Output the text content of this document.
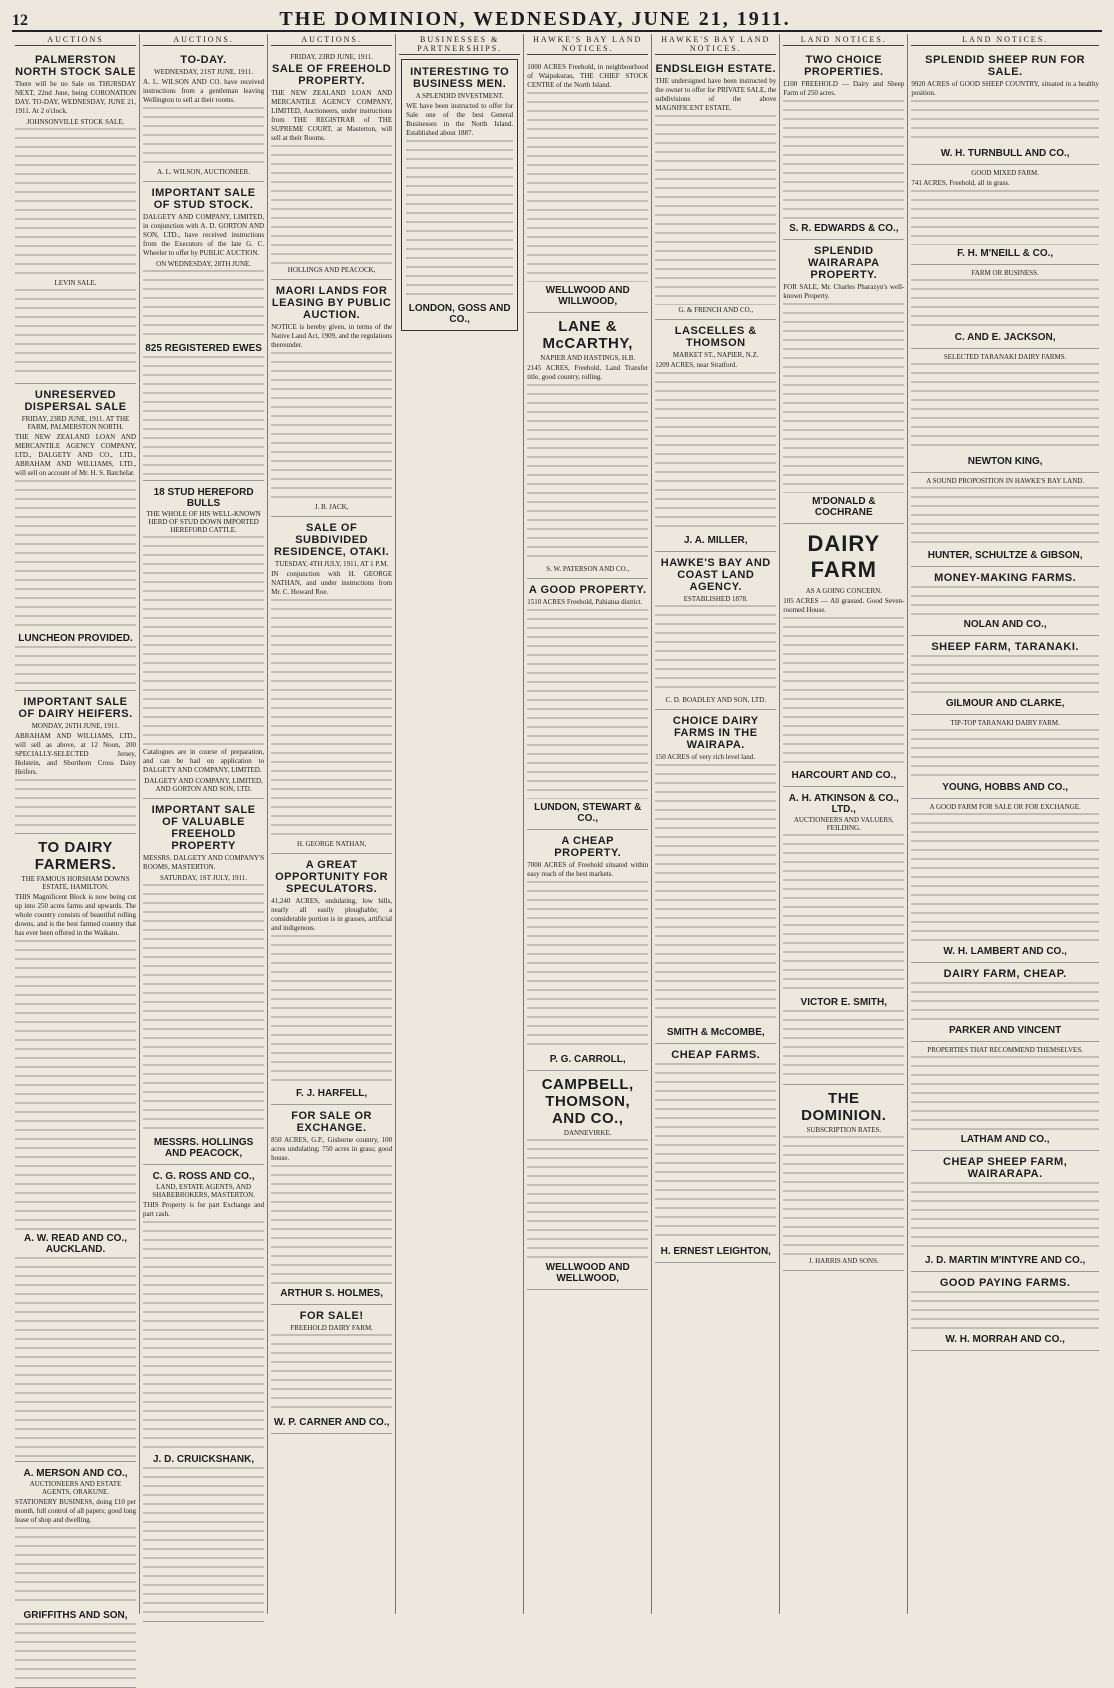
12	THE DOMINION, WEDNESDAY, JUNE 21, 1911.
AUCTIONS
PALMERSTON NORTH STOCK SALE

There will be no Sale on THURSDAY NEXT, 22nd June, being CORONATION DAY. TO-DAY, WEDNESDAY, JUNE 21, 1911. At 2 o'clock.

JOHNSONVILLE STOCK SALE.
LEVIN SALE.
UNRESERVED DISPERSAL SALE
FRIDAY, 23RD JUNE, 1911. AT THE FARM, PALMERSTON NORTH.

THE NEW ZEALAND LOAN AND MERCANTILE AGENCY COMPANY, LTD., DALGETY AND CO., LTD., ABRAHAM AND WILLIAMS, LTD., will sell on account of Mr. H. S. Batchelar.

LUNCHEON PROVIDED.
IMPORTANT SALE OF DAIRY HEIFERS.
MONDAY, 26TH JUNE, 1911.

ABRAHAM AND WILLIAMS, LTD., will sell as above, at 12 Noon, 200 SPECIALLY-SELECTED Jersey, Holstein, and Shorthorn Cross Dairy Heifers.

TO DAIRY FARMERS.
THE FAMOUS HORSHAM DOWNS ESTATE, HAMILTON.

THIS Magnificent Block is now being cut up into 250 acres farms and upwards. The whole country consists of beautiful rolling downs, and is the best farmed country that has ever been offered in the Waikato.

A. W. READ AND CO., AUCKLAND.
A. MERSON AND CO.,
AUCTIONEERS AND ESTATE AGENTS, ORAKUNE.

STATIONERY BUSINESS, doing £10 per month, full control of all papers; good long lease of shop and dwelling.

GRIFFITHS AND SON,
AUCTIONS.
TO-DAY.
WEDNESDAY, 21ST JUNE, 1911.

A. L. WILSON AND CO. have received instructions from a gentleman leaving Wellington to sell at their rooms.

A. L. WILSON, AUCTIONEER.
IMPORTANT SALE OF STUD STOCK.

DALGETY AND COMPANY, LIMITED, in conjunction with A. D. GORTON AND SON, LTD., have received instructions from the Executors of the late G. C. Wheeler to offer by PUBLIC AUCTION.

ON WEDNESDAY, 28TH JUNE.
825 REGISTERED EWES
18 STUD HEREFORD BULLS
THE WHOLE OF HIS WELL-KNOWN HERD OF STUD DOWN IMPORTED HEREFORD CATTLE.

Catalogues are in course of preparation, and can be had on application to DALGETY AND COMPANY, LIMITED.

DALGETY AND COMPANY, LIMITED, AND GORTON AND SON, LTD.
IMPORTANT SALE OF VALUABLE FREEHOLD PROPERTY

MESSRS. DALGETY AND COMPANY'S ROOMS, MASTERTON.

SATURDAY, 1ST JULY, 1911.
MESSRS. HOLLINGS AND PEACOCK,
C. G. ROSS AND CO.,
LAND, ESTATE AGENTS, AND SHAREBROKERS, MASTERTON.

THIS Property is for part Exchange and part cash.

J. D. CRUICKSHANK,
AUCTIONS.
FRIDAY, 23RD JUNE, 1911.
SALE OF FREEHOLD PROPERTY.

THE NEW ZEALAND LOAN AND MERCANTILE AGENCY COMPANY, LIMITED, Auctioneers, under instructions from THE REGISTRAR of THE SUPREME COURT, at Masterton, will sell at their Rooms.

HOLLINGS AND PEACOCK,
MAORI LANDS FOR LEASING BY PUBLIC AUCTION.

NOTICE is hereby given, in terms of the Native Land Act, 1909, and the regulations thereunder.

J. B. JACK,
SALE OF SUBDIVIDED RESIDENCE, OTAKI.
TUESDAY, 4TH JULY, 1911, AT 1 P.M.

IN conjunction with H. GEORGE NATHAN, and under instructions from Mr. C. Howard Roe.

H. GEORGE NATHAN,
A GREAT OPPORTUNITY FOR SPECULATORS.

41,240 ACRES, undulating, low hills, nearly all easily ploughable; a considerable portion is in grasses, artificial and indigenous.

F. J. HARFELL,
FOR SALE OR EXCHANGE.

850 ACRES, G.P., Gisborne country, 100 acres undulating; 750 acres in grass; good house.

ARTHUR S. HOLMES,
FOR SALE!
FREEHOLD DAIRY FARM.
W. P. CARNER AND CO.,
BUSINESSES & PARTNERSHIPS.
INTERESTING TO BUSINESS MEN.
A SPLENDID INVESTMENT.

WE have been instructed to offer for Sale one of the best General Businesses in the North Island. Established about 1887.

LONDON, GOSS AND CO.,
HAWKE'S BAY LAND NOTICES.

1000 ACRES Freehold, in neighbourhood of Waipukurau, THE CHIEF STOCK CENTRE of the North Island.

WELLWOOD AND WILLWOOD,
LANE & McCARTHY,
NAPIER AND HASTINGS, H.B.

2145 ACRES, Freehold, Land Transfer title, good country, rolling.

S. W. PATERSON AND CO.,
A GOOD PROPERTY.

1510 ACRES Freehold, Pahiatua district.

LUNDON, STEWART & CO.,
A CHEAP PROPERTY.

7000 ACRES of Freehold situated within easy reach of the best markets.

P. G. CARROLL,
CAMPBELL, THOMSON, AND CO.,
DANNEVIRKE.
WELLWOOD AND WELLWOOD,
HAWKE'S BAY LAND NOTICES.
ENDSLEIGH ESTATE.

THE undersigned have been instructed by the owner to offer for PRIVATE SALE, the subdivisions of the above MAGNIFICENT ESTATE.

G. & FRENCH AND CO.,
LASCELLES & THOMSON
MARKET ST., NAPIER, N.Z.

1209 ACRES, near Stratford.

J. A. MILLER,
HAWKE'S BAY AND COAST LAND AGENCY.
ESTABLISHED 1878.
C. D. BOADLEY AND SON, LTD.
CHOICE DAIRY FARMS IN THE WAIRAPA.

150 ACRES of very rich level land.

SMITH & McCOMBE,
CHEAP FARMS.
H. ERNEST LEIGHTON,
LAND NOTICES.
TWO CHOICE PROPERTIES.

£100 FREEHOLD — Dairy and Sheep Farm of 250 acres.

S. R. EDWARDS & CO.,
SPLENDID WAIRARAPA PROPERTY.

FOR SALE, Mr. Charles Pharazyn's well-known Property.

M'DONALD & COCHRANE
DAIRY FARM
AS A GOING CONCERN.

105 ACRES — All grassed. Good Seven-roomed House.

HARCOURT AND CO.,
A. H. ATKINSON & CO., LTD.,
AUCTIONEERS AND VALUERS, FEILDING.
VICTOR E. SMITH,
THE DOMINION.
SUBSCRIPTION RATES.
J. HARRIS AND SONS.
LAND NOTICES.
SPLENDID SHEEP RUN FOR SALE.

9920 ACRES of GOOD SHEEP COUNTRY, situated in a healthy position.

W. H. TURNBULL AND CO.,
GOOD MIXED FARM.

741 ACRES, Freehold, all in grass.

F. H. M'NEILL & CO.,
FARM OR BUSINESS.
C. AND E. JACKSON,
SELECTED TARANAKI DAIRY FARMS.
NEWTON KING,
A SOUND PROPOSITION IN HAWKE'S BAY LAND.
HUNTER, SCHULTZE & GIBSON,
MONEY-MAKING FARMS.
NOLAN AND CO.,
SHEEP FARM, TARANAKI.
GILMOUR AND CLARKE,
TIP-TOP TARANAKI DAIRY FARM.
YOUNG, HOBBS AND CO.,
A GOOD FARM FOR SALE OR FOR EXCHANGE.
W. H. LAMBERT AND CO.,
DAIRY FARM, CHEAP.
PARKER AND VINCENT
PROPERTIES THAT RECOMMEND THEMSELVES.
LATHAM AND CO.,
CHEAP SHEEP FARM, WAIRARAPA.
J. D. MARTIN M'INTYRE AND CO.,
GOOD PAYING FARMS.
W. H. MORRAH AND CO.,
